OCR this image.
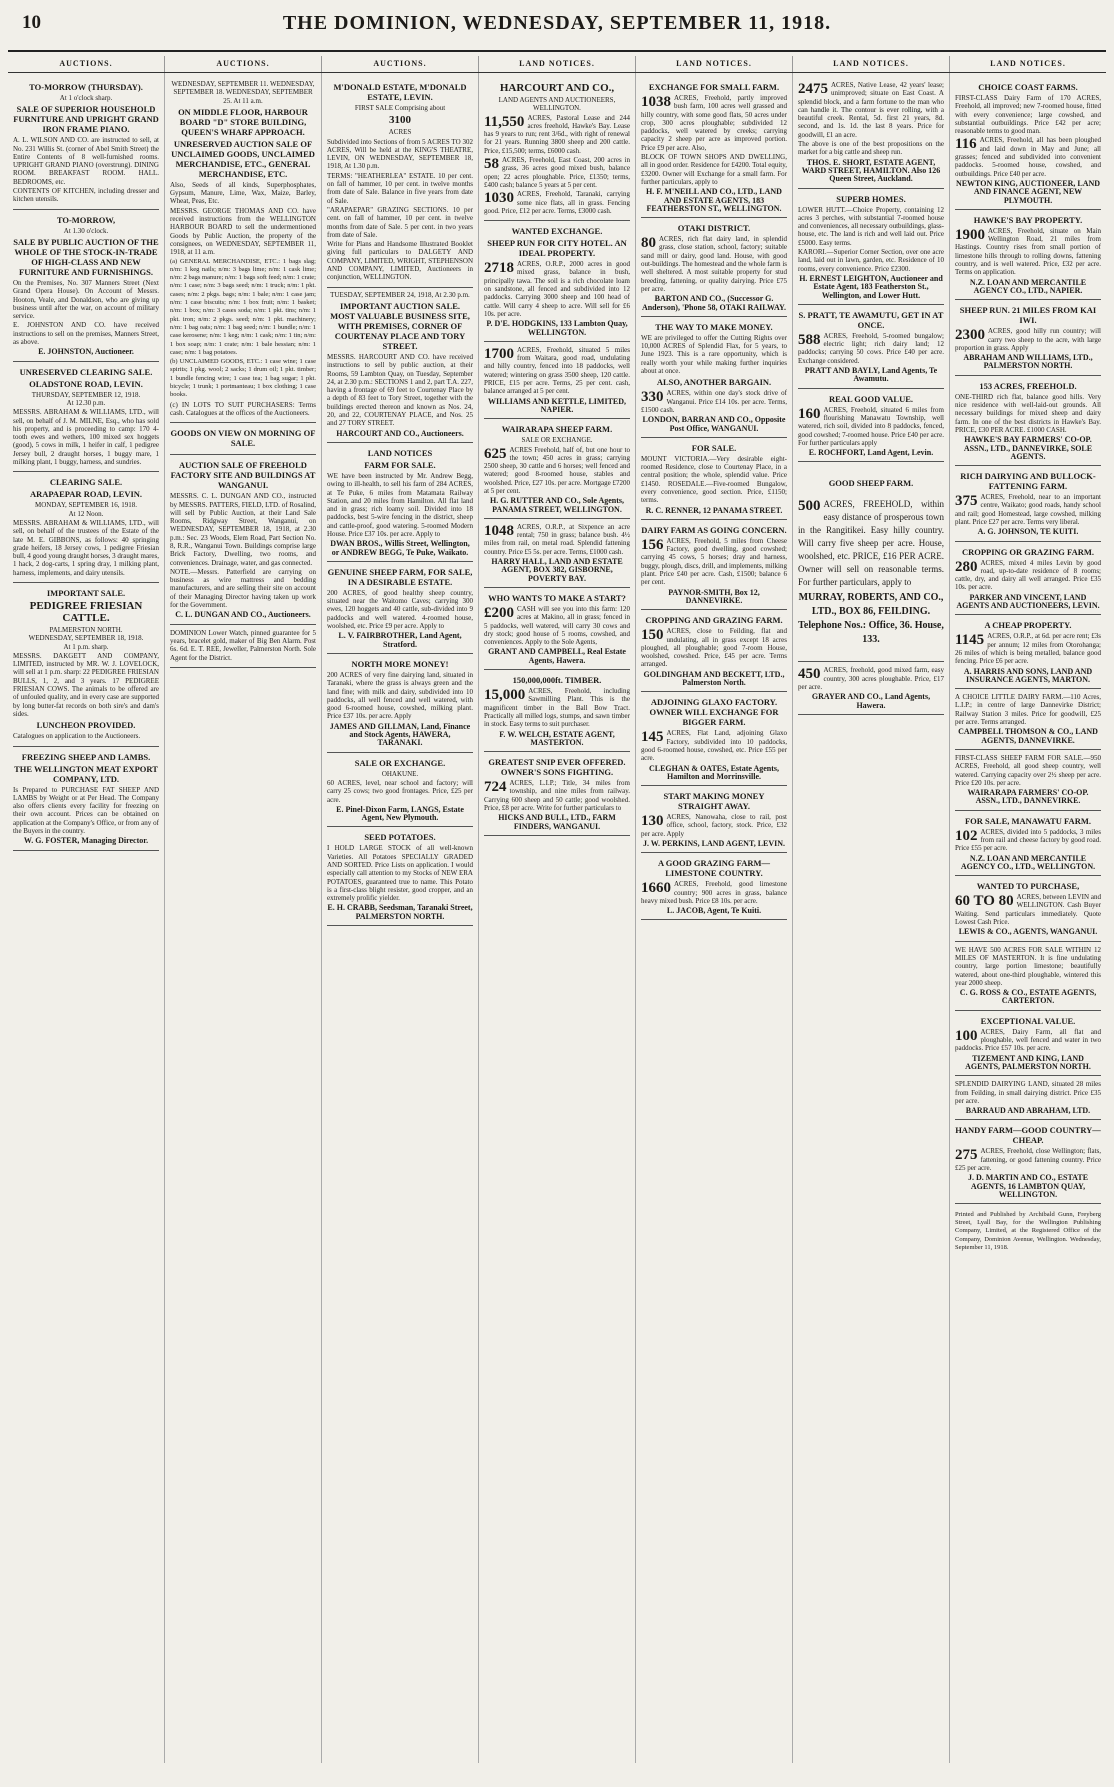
10	THE DOMINION, WEDNESDAY, SEPTEMBER 11, 1918.
AUCTIONS.	AUCTIONS.	AUCTIONS.	LAND NOTICES.	LAND NOTICES.	LAND NOTICES.	LAND NOTICES.
TO-MORROW (THURSDAY).
At 1 o'clock sharp.
SALE OF SUPERIOR HOUSEHOLD FURNITURE AND UPRIGHT GRAND IRON FRAME PIANO.

A. L. WILSON AND CO. are instructed to sell, at No. 231 Willis St. (corner of Abel Smith Street) the Entire Contents of 8 well-furnished rooms. UPRIGHT GRAND PIANO (overstrung). DINING ROOM. BREAKFAST ROOM. HALL. BEDROOMS, etc.

CONTENTS OF KITCHEN, including dresser and kitchen utensils.

TO-MORROW,
At 1.30 o'clock.
SALE BY PUBLIC AUCTION OF THE WHOLE OF THE STOCK-IN-TRADE OF HIGH-CLASS AND NEW FURNITURE AND FURNISHINGS.

On the Premises, No. 307 Manners Street (Next Grand Opera House). On Account of Messrs. Hooton, Veale, and Donaldson, who are giving up business until after the war, on account of military service.

E. JOHNSTON AND CO. have received instructions to sell on the premises, Manners Street, as above.

E. JOHNSTON, Auctioneer.
UNRESERVED CLEARING SALE.
OLADSTONE ROAD, LEVIN.
THURSDAY, SEPTEMBER 12, 1918.
At 12.30 p.m.

MESSRS. ABRAHAM & WILLIAMS, LTD., will sell, on behalf of J. M. MILNE, Esq., who has sold his property, and is proceeding to camp: 170 4-tooth ewes and wethers, 100 mixed sex hoggets (good), 5 cows in milk, 1 heifer in calf, 1 pedigree Jersey bull, 2 draught horses, 1 buggy mare, 1 milking plant, 1 buggy, harness, and sundries.

CLEARING SALE.
ARAPAEPAR ROAD, LEVIN.
MONDAY, SEPTEMBER 16, 1918.
At 12 Noon.

MESSRS. ABRAHAM & WILLIAMS, LTD., will sell, on behalf of the trustees of the Estate of the late M. E. GIBBONS, as follows: 40 springing grade heifers, 18 Jersey cows, 1 pedigree Friesian bull, 4 good young draught horses, 3 draught mares, 1 hack, 2 dog-carts, 1 spring dray, 1 milking plant, harness, implements, and dairy utensils.

IMPORTANT SALE.
PEDIGREE FRIESIAN CATTLE.
PALMERSTON NORTH.
WEDNESDAY, SEPTEMBER 18, 1918.
At 1 p.m. sharp.

MESSRS. DAKGETT AND COMPANY, LIMITED, instructed by MR. W. J. LOVELOCK, will sell at 1 p.m. sharp: 22 PEDIGREE FRIESIAN BULLS, 1, 2, and 3 years. 17 PEDIGREE FRIESIAN COWS. The animals to be offered are of unfouled quality, and in every case are supported by long butter-fat records on both sire's and dam's sides.

LUNCHEON PROVIDED.

Catalogues on application to the Auctioneers.

FREEZING SHEEP AND LAMBS.
THE WELLINGTON MEAT EXPORT COMPANY, LTD.

Is Prepared to PURCHASE FAT SHEEP AND LAMBS by Weight or at Per Head. The Company also offers clients every facility for freezing on their own account. Prices can be obtained on application at the Company's Office, or from any of the Buyers in the country.

W. G. FOSTER, Managing Director.
WEDNESDAY, SEPTEMBER 11. WEDNESDAY, SEPTEMBER 18. WEDNESDAY, SEPTEMBER 25. At 11 a.m.
ON MIDDLE FLOOR, HARBOUR BOARD "D" STORE BUILDING, QUEEN'S WHARF APPROACH.
UNRESERVED AUCTION SALE OF UNCLAIMED GOODS, UNCLAIMED MERCHANDISE, ETC., GENERAL MERCHANDISE, ETC.

Also, Seeds of all kinds, Superphosphates, Gypsum, Manure, Lime, Wax, Maize, Barley, Wheat, Peas, Etc.

MESSRS. GEORGE THOMAS AND CO. have received instructions from the WELLINGTON HARBOUR BOARD to sell the undermentioned Goods by Public Auction, the property of the consignees, on WEDNESDAY, SEPTEMBER 11, 1918, at 11 a.m.

(a) GENERAL MERCHANDISE, ETC.: 1 bags slag; n/m: 1 keg nails; n/m: 3 bags lime; n/m: 1 cask lime; n/m: 2 bags manure; n/m: 1 bags soft feed; n/m: 1 crate; n/m: 1 case; n/m: 3 bags seed; n/m: 1 truck; n/m: 1 pkt. cases; n/m: 2 pkgs. bags; n/m: 1 bale; n/m: 1 case jam; n/m: 1 case biscuits; n/m: 1 box fruit; n/m: 1 basket; n/m: 1 box; n/m: 3 cases soda; n/m: 1 pkt. tins; n/m: 1 pkt. iron; n/m: 2 pkgs. seed; n/m: 1 pkt. machinery; n/m: 1 bag oats; n/m: 1 bag seed; n/m: 1 bundle; n/m: 1 case kerosene; n/m: 1 keg; n/m: 1 cask; n/m: 1 tin; n/m: 1 box soap; n/m: 1 crate; n/m: 1 bale hessian; n/m: 1 case; n/m: 1 bag potatoes.

(b) UNCLAIMED GOODS, ETC.: 1 case wine; 1 case spirits; 1 pkg. wool; 2 sacks; 1 drum oil; 1 pkt. timber; 1 bundle fencing wire; 1 case tea; 1 bag sugar; 1 pkt. bicycle; 1 trunk; 1 portmanteau; 1 box clothing; 1 case books.

(c) IN LOTS TO SUIT PURCHASERS: Terms cash. Catalogues at the offices of the Auctioneers.

GOODS ON VIEW ON MORNING OF SALE.
AUCTION SALE OF FREEHOLD FACTORY SITE AND BUILDINGS AT WANGANUI.

MESSRS. C. L. DUNGAN AND CO., instructed by MESSRS. PATTERS, FIELD, LTD. of Rosalind, will sell by Public Auction, at their Land Sale Rooms, Ridgway Street, Wanganui, on WEDNESDAY, SEPTEMBER 18, 1918, at 2.30 p.m.: Sec. 23 Woods, Elem Road, Part Section No. 8, R.R., Wanganui Town. Buildings comprise large Brick Factory, Dwelling, two rooms, and conveniences. Drainage, water, and gas connected.

NOTE.—Messrs. Patterfield are carrying on business as wire mattress and bedding manufacturers, and are selling their site on account of their Managing Director having taken up work for the Government.

C. L. DUNGAN AND CO., Auctioneers.

DOMINION Lower Watch, pinned guarantee for 5 years, bracelet gold, maker of Big Ben Alarm. Post 6s. 6d. E. T. REE, Jeweller, Palmerston North. Sole Agent for the District.

M'DONALD ESTATE, M'DONALD ESTATE, LEVIN.
FIRST SALE Comprising about
3100
ACRES

Subdivided into Sections of from 5 ACRES TO 302 ACRES, Will be held at the KING'S THEATRE, LEVIN, ON WEDNESDAY, SEPTEMBER 18, 1918, At 1.30 p.m.

TERMS: "HEATHERLEA" ESTATE. 10 per cent. on fall of hammer, 10 per cent. in twelve months from date of Sale. Balance in five years from date of Sale.

"ARAPAEPAR" GRAZING SECTIONS. 10 per cent. on fall of hammer, 10 per cent. in twelve months from date of Sale. 5 per cent. in two years from date of Sale.

Write for Plans and Handsome Illustrated Booklet giving full particulars to DALGETY AND COMPANY, LIMITED, WRIGHT, STEPHENSON AND COMPANY, LIMITED, Auctioneers in conjunction, WELLINGTON.

TUESDAY, SEPTEMBER 24, 1918, At 2.30 p.m.
IMPORTANT AUCTION SALE. MOST VALUABLE BUSINESS SITE, WITH PREMISES, CORNER OF COURTENAY PLACE AND TORY STREET.

MESSRS. HARCOURT AND CO. have received instructions to sell by public auction, at their Rooms, 59 Lambton Quay, on Tuesday, September 24, at 2.30 p.m.: SECTIONS 1 and 2, part T.A. 227, having a frontage of 69 feet to Courtenay Place by a depth of 83 feet to Tory Street, together with the buildings erected thereon and known as Nos. 24, 20, and 22, COURTENAY PLACE, and Nos. 25 and 27 TORY STREET.

HARCOURT AND CO., Auctioneers.
LAND NOTICES
FARM FOR SALE.

WE have been instructed by Mr. Andrew Begg, owing to ill-health, to sell his farm of 284 ACRES, at Te Puke, 6 miles from Matamata Railway Station, and 20 miles from Hamilton. All flat land and in grass; rich loamy soil. Divided into 18 paddocks, best 5-wire fencing in the district, sheep and cattle-proof, good watering. 5-roomed Modern House. Price £37 10s. per acre. Apply to

DWAN BROS., Willis Street, Wellington, or ANDREW BEGG, Te Puke, Waikato.
GENUINE SHEEP FARM, FOR SALE, IN A DESIRABLE ESTATE.

200 ACRES, of good healthy sheep country, situated near the Waitomo Caves; carrying 300 ewes, 120 hoggets and 40 cattle, sub-divided into 9 paddocks and well watered. 4-roomed house, woolshed, etc. Price £9 per acre. Apply to

L. V. FAIRBROTHER, Land Agent, Stratford.
NORTH MORE MONEY!

200 ACRES of very fine dairying land, situated in Taranaki, where the grass is always green and the land fine; with milk and dairy, subdivided into 10 paddocks, all well fenced and well watered, with good 6-roomed house, cowshed, milking plant. Price £37 10s. per acre. Apply

JAMES AND GILLMAN, Land, Finance and Stock Agents, HAWERA, TARANAKI.
SALE OR EXCHANGE.
OHAKUNE.

60 ACRES, level, near school and factory; will carry 25 cows; two good frontages. Price, £25 per acre.

E. Pinel-Dixon Farm, LANGS, Estate Agent, New Plymouth.
SEED POTATOES.

I HOLD LARGE STOCK of all well-known Varieties. All Potatoes SPECIALLY GRADED AND SORTED. Price Lists on application. I would especially call attention to my Stocks of NEW ERA POTATOES, guaranteed true to name. This Potato is a first-class blight resister, good cropper, and an extremely prolific yielder.

E. H. CRABB, Seedsman, Taranaki Street, PALMERSTON NORTH.
HARCOURT AND CO.,
LAND AGENTS AND AUCTIONEERS, WELLINGTON.

11,550 ACRES, Pastoral Lease and 244 acres freehold, Hawke's Bay. Lease has 9 years to run; rent 3/6d., with right of renewal for 21 years. Running 3800 sheep and 200 cattle. Price, £15,500; terms, £6000 cash.

58 ACRES, Freehold, East Coast, 200 acres in grass, 36 acres good mixed bush, balance open; 22 acres ploughable. Price, £1350; terms, £400 cash; balance 5 years at 5 per cent.

1030 ACRES, Freehold, Taranaki, carrying some nice flats, all in grass. Fencing good. Price, £12 per acre. Terms, £3000 cash.

WANTED EXCHANGE.
SHEEP RUN FOR CITY HOTEL. AN IDEAL PROPERTY.

2718 ACRES, O.R.P., 2000 acres in good mixed grass, balance in bush, principally tawa. The soil is a rich chocolate loam on sandstone, all fenced and subdivided into 12 paddocks. Carrying 3000 sheep and 100 head of cattle. Will carry 4 sheep to acre. Will sell for £6 10s. per acre.

P. D'E. HODGKINS, 133 Lambton Quay, WELLINGTON.

1700 ACRES, Freehold, situated 5 miles from Waitara, good road, undulating and hilly country, fenced into 18 paddocks, well watered; wintering on grass 3500 sheep, 120 cattle. PRICE, £15 per acre. Terms, 25 per cent. cash, balance arranged at 5 per cent.

WILLIAMS AND KETTLE, LIMITED, NAPIER.
WAIRARAPA SHEEP FARM.
SALE OR EXCHANGE.

625 ACRES Freehold, half of, but one hour to the town; 450 acres in grass; carrying 2500 sheep, 30 cattle and 6 horses; well fenced and watered; good 8-roomed house, stables and woolshed. Price, £27 10s. per acre. Mortgage £7200 at 5 per cent.

H. G. RUTTER AND CO., Sole Agents, PANAMA STREET, WELLINGTON.

1048 ACRES, O.R.P., at Sixpence an acre rental; 750 in grass; balance bush. 4½ miles from rail, on metal road. Splendid fattening country. Price £5 5s. per acre. Terms, £1000 cash.

HARRY HALL, LAND AND ESTATE AGENT, BOX 382, GISBORNE, POVERTY BAY.
WHO WANTS TO MAKE A START?

£200 CASH will see you into this farm: 120 acres at Makino, all in grass; fenced in 5 paddocks, well watered, will carry 30 cows and dry stock; good house of 5 rooms, cowshed, and conveniences. Apply to the Sole Agents,

GRANT AND CAMPBELL, Real Estate Agents, Hawera.
150,000,000ft. TIMBER.

15,000 ACRES, Freehold, including Sawmilling Plant. This is the magnificent timber in the Ball Bow Tract. Practically all milled logs, stumps, and sawn timber in stock. Easy terms to suit purchaser.

F. W. WELCH, ESTATE AGENT, MASTERTON.
GREATEST SNIP EVER OFFERED. OWNER'S SONS FIGHTING.

724 ACRES, L.I.P.; Title, 34 miles from township, and nine miles from railway. Carrying 600 sheep and 50 cattle; good woolshed. Price, £8 per acre. Write for further particulars to

HICKS AND BULL, LTD., FARM FINDERS, WANGANUI.
EXCHANGE FOR SMALL FARM.

1038 ACRES, Freehold, partly improved bush farm, 100 acres well grassed and hilly country, with some good flats, 50 acres under crop, 300 acres ploughable; subdivided 12 paddocks, well watered by creeks; carrying capacity 2 sheep per acre as improved portion. Price £9 per acre. Also,

BLOCK OF TOWN SHOPS AND DWELLING, all in good order. Residence for £4200. Total equity, £3200. Owner will Exchange for a small farm. For further particulars, apply to

H. F. M'NEILL AND CO., LTD., LAND AND ESTATE AGENTS, 183 FEATHERSTON ST., WELLINGTON.
OTAKI DISTRICT.

80 ACRES, rich flat dairy land, in splendid grass, close station, school, factory; suitable sand mill or dairy, good land. House, with good out-buildings. The homestead and the whole farm is well sheltered. A most suitable property for stud breeding, fattening, or quality dairying. Price £75 per acre.

BARTON AND CO., (Successor G. Anderson), 'Phone 58, OTAKI RAILWAY.
THE WAY TO MAKE MONEY.

WE are privileged to offer the Cutting Rights over 10,000 ACRES of Splendid Flax, for 5 years, to June 1923. This is a rare opportunity, which is really worth your while making further inquiries about at once.

ALSO, ANOTHER BARGAIN.

330 ACRES, within one day's stock drive of Wanganui. Price £14 10s. per acre. Terms, £1500 cash.

LONDON, BARRAN AND CO., Opposite Post Office, WANGANUI.
FOR SALE.

MOUNT VICTORIA.—Very desirable eight-roomed Residence, close to Courtenay Place, in a central position; the whole, splendid value. Price £1450. ROSEDALE.—Five-roomed Bungalow, every convenience, good section. Price, £1150; terms.

R. C. RENNER, 12 PANAMA STREET.
DAIRY FARM AS GOING CONCERN.

156 ACRES, Freehold, 5 miles from Cheese Factory, good dwelling, good cowshed; carrying 45 cows, 5 horses; dray and harness, buggy, plough, discs, drill, and implements, milking plant. Price £40 per acre. Cash, £1500; balance 6 per cent.

PAYNOR-SMITH, Box 12, DANNEVIRKE.
CROPPING AND GRAZING FARM.

150 ACRES, close to Feilding, flat and undulating, all in grass except 18 acres ploughed, all ploughable; good 7-room House, woolshed, cowshed. Price, £45 per acre. Terms arranged.

GOLDINGHAM AND BECKETT, LTD., Palmerston North.
ADJOINING GLAXO FACTORY. OWNER WILL EXCHANGE FOR BIGGER FARM.

145 ACRES, Flat Land, adjoining Glaxo Factory, subdivided into 10 paddocks, good 6-roomed house, cowshed, etc. Price £55 per acre.

CLEGHAN & OATES, Estate Agents, Hamilton and Morrinsville.
START MAKING MONEY STRAIGHT AWAY.

130 ACRES, Nanowaha, close to rail, post office, school, factory, stock. Price, £32 per acre. Apply

J. W. PERKINS, LAND AGENT, LEVIN.
A GOOD GRAZING FARM—LIMESTONE COUNTRY.

1660 ACRES, Freehold, good limestone country; 900 acres in grass, balance heavy mixed bush. Price £8 10s. per acre.

L. JACOB, Agent, Te Kuiti.

2475 ACRES, Native Lease, 42 years' lease; unimproved; situate on East Coast. A splendid block, and a farm fortune to the man who can handle it. The contour is ever rolling, with a beautiful creek. Rental, 5d. first 21 years, 8d. second, and 1s. 1d. the last 8 years. Price for goodwill, £1 an acre.

The above is one of the best propositions on the market for a big cattle and sheep run.

THOS. E. SHORT, ESTATE AGENT, WARD STREET, HAMILTON. Also 126 Queen Street, Auckland.
SUPERB HOMES.

LOWER HUTT.—Choice Property, containing 12 acres 3 perches, with substantial 7-roomed house and conveniences, all necessary outbuildings, glass-house, etc. The land is rich and well laid out. Price £5000. Easy terms.

KARORI.—Superior Corner Section, over one acre land, laid out in lawn, garden, etc. Residence of 10 rooms, every convenience. Price £2300.

H. ERNEST LEIGHTON, Auctioneer and Estate Agent, 183 Featherston St., Wellington, and Lower Hutt.
S. PRATT, TE AWAMUTU, GET IN AT ONCE.

588 ACRES, Freehold, 5-roomed bungalow; electric light; rich dairy land; 12 paddocks; carrying 50 cows. Price £40 per acre. Exchange considered.

PRATT AND BAYLY, Land Agents, Te Awamutu.
REAL GOOD VALUE.

160 ACRES, Freehold, situated 6 miles from flourishing Manawatu Township, well watered, rich soil, divided into 8 paddocks, fenced, good cowshed; 7-roomed house. Price £40 per acre. For further particulars apply

E. ROCHFORT, Land Agent, Levin.
GOOD SHEEP FARM.

500 ACRES, FREEHOLD, within easy distance of prosperous town in the Rangitikei. Easy hilly country. Will carry five sheep per acre. House, woolshed, etc. PRICE, £16 PER ACRE. Owner will sell on reasonable terms. For further particulars, apply to

MURRAY, ROBERTS, AND CO., LTD., BOX 86, FEILDING. Telephone Nos.: Office, 36. House, 133.

450 ACRES, freehold, good mixed farm, easy country, 300 acres ploughable. Price, £17 per acre.

GRAYER AND CO., Land Agents, Hawera.
CHOICE COAST FARMS.

FIRST-CLASS Dairy Farm of 170 ACRES, Freehold, all improved; new 7-roomed house, fitted with every convenience; large cowshed, and substantial outbuildings. Price £42 per acre; reasonable terms to good man.

116 ACRES, Freehold, all has been ploughed and laid down in May and June; all grasses; fenced and subdivided into convenient paddocks. 5-roomed house, cowshed, and outbuildings. Price £40 per acre.

NEWTON KING, AUCTIONEER, LAND AND FINANCE AGENT, NEW PLYMOUTH.
HAWKE'S BAY PROPERTY.

1900 ACRES, Freehold, situate on Main Wellington Road, 21 miles from Hastings. Country rises from small portion of limestone hills through to rolling downs, fattening country, and is well watered. Price, £32 per acre. Terms on application.

N.Z. LOAN AND MERCANTILE AGENCY CO., LTD., NAPIER.
SHEEP RUN. 21 MILES FROM KAI IWI.

2300 ACRES, good hilly run country; will carry two sheep to the acre, with large proportion in grass. Apply

ABRAHAM AND WILLIAMS, LTD., PALMERSTON NORTH.
153 ACRES, FREEHOLD.

ONE-THIRD rich flat, balance good hills. Very nice residence with well-laid-out grounds. All necessary buildings for mixed sheep and dairy farm. In one of the best districts in Hawke's Bay. PRICE, £30 PER ACRE. £1000 CASH.

HAWKE'S BAY FARMERS' CO-OP. ASSN., LTD., DANNEVIRKE, SOLE AGENTS.
RICH DAIRYING AND BULLOCK-FATTENING FARM.

375 ACRES, Freehold, near to an important centre, Waikato; good roads, handy school and rail; good Homestead, large cowshed, milking plant. Price £27 per acre. Terms very liberal.

A. G. JOHNSON, TE KUITI.
CROPPING OR GRAZING FARM.

280 ACRES, mixed 4 miles Levin by good road, up-to-date residence of 8 rooms; cattle, dry, and dairy all well arranged. Price £35 10s. per acre.

PARKER AND VINCENT, LAND AGENTS AND AUCTIONEERS, LEVIN.
A CHEAP PROPERTY.

1145 ACRES, O.R.P., at 6d. per acre rent; £3s per annum; 12 miles from Otorohanga; 26 miles of which is being metalled, balance good fencing. Price £6 per acre.

A. HARRIS AND SONS, LAND AND INSURANCE AGENTS, MARTON.

A CHOICE LITTLE DAIRY FARM.—110 Acres, L.I.P.; in centre of large Dannevirke District; Railway Station 3 miles. Price for goodwill, £25 per acre. Terms arranged.

CAMPBELL THOMSON & CO., LAND AGENTS, DANNEVIRKE.

FIRST-CLASS SHEEP FARM FOR SALE.—950 ACRES, Freehold, all good sheep country, well watered. Carrying capacity over 2½ sheep per acre. Price £20 10s. per acre.

WAIRARAPA FARMERS' CO-OP. ASSN., LTD., DANNEVIRKE.
FOR SALE, MANAWATU FARM.

102 ACRES, divided into 5 paddocks, 3 miles from rail and cheese factory by good road. Price £55 per acre.

N.Z. LOAN AND MERCANTILE AGENCY CO., LTD., WELLINGTON.
WANTED TO PURCHASE,

60 TO 80 ACRES, between LEVIN and WELLINGTON. Cash Buyer Waiting. Send particulars immediately. Quote Lowest Cash Price.

LEWIS & CO., AGENTS, WANGANUI.

WE HAVE 500 ACRES FOR SALE WITHIN 12 MILES OF MASTERTON. It is fine undulating country, large portion limestone; beautifully watered, about one-third ploughable, wintered this year 2000 sheep.

C. G. ROSS & CO., ESTATE AGENTS, CARTERTON.
EXCEPTIONAL VALUE.

100 ACRES, Dairy Farm, all flat and ploughable, well fenced and water in two paddocks. Price £57 10s. per acre.

TIZEMENT AND KING, LAND AGENTS, PALMERSTON NORTH.

SPLENDID DAIRYING LAND, situated 28 miles from Feilding, in small dairying district. Price £35 per acre.

BARRAUD AND ABRAHAM, LTD.
HANDY FARM—GOOD COUNTRY—CHEAP.

275 ACRES, Freehold, close Wellington; flats, fattening, or good fattening country. Price £25 per acre.

J. D. MARTIN AND CO., ESTATE AGENTS, 16 LAMBTON QUAY, WELLINGTON.

Printed and Published by Archibald Gunn, Freyberg Street, Lyall Bay, for the Wellington Publishing Company, Limited, at the Registered Office of the Company, Dominion Avenue, Wellington. Wednesday, September 11, 1918.
